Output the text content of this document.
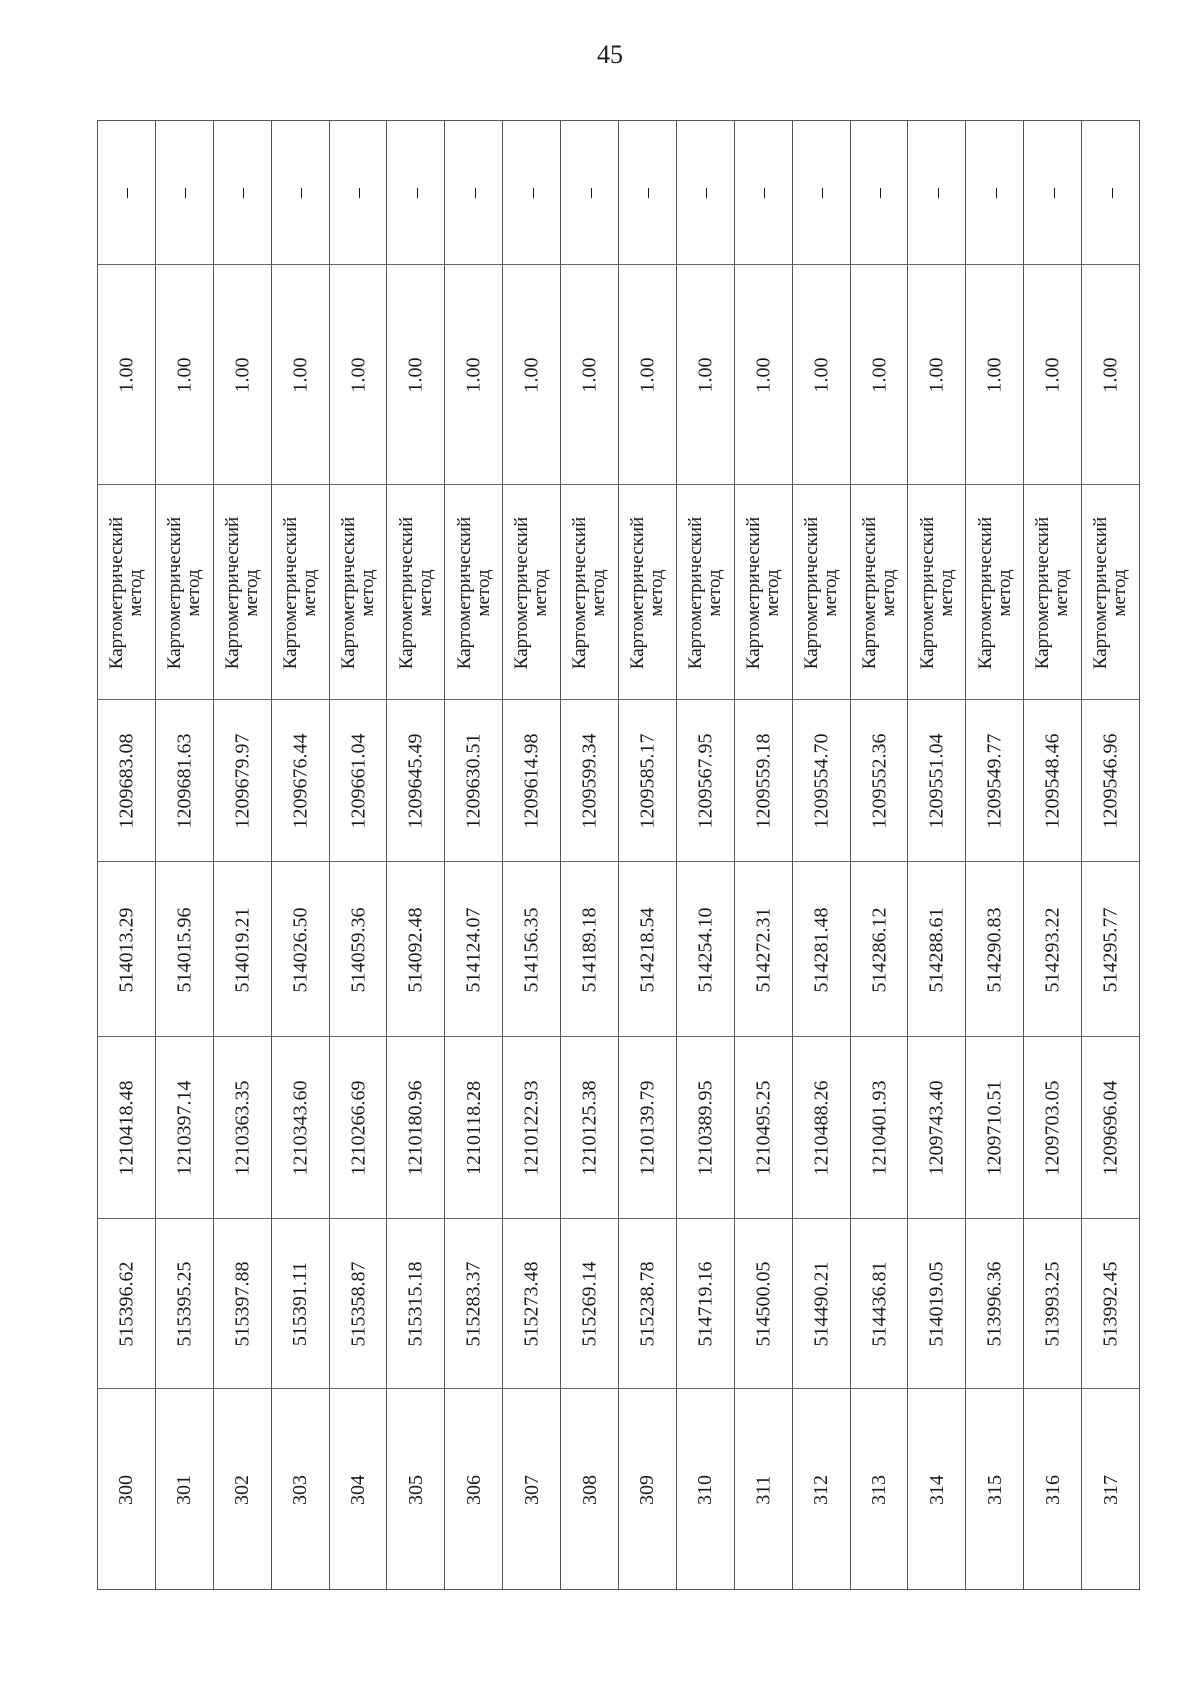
45
–
1.00
Картометрический
метод
1209683.08
514013.29
1210418.48
515396.62
300
–
1.00
Картометрический
метод
1209681.63
514015.96
1210397.14
515395.25
301
–
1.00
Картометрический
метод
1209679.97
514019.21
1210363.35
515397.88
302
–
1.00
Картометрический
метод
1209676.44
514026.50
1210343.60
515391.11
303
–
1.00
Картометрический
метод
1209661.04
514059.36
1210266.69
515358.87
304
–
1.00
Картометрический
метод
1209645.49
514092.48
1210180.96
515315.18
305
–
1.00
Картометрический
метод
1209630.51
514124.07
1210118.28
515283.37
306
–
1.00
Картометрический
метод
1209614.98
514156.35
1210122.93
515273.48
307
–
1.00
Картометрический
метод
1209599.34
514189.18
1210125.38
515269.14
308
–
1.00
Картометрический
метод
1209585.17
514218.54
1210139.79
515238.78
309
–
1.00
Картометрический
метод
1209567.95
514254.10
1210389.95
514719.16
310
–
1.00
Картометрический
метод
1209559.18
514272.31
1210495.25
514500.05
311
–
1.00
Картометрический
метод
1209554.70
514281.48
1210488.26
514490.21
312
–
1.00
Картометрический
метод
1209552.36
514286.12
1210401.93
514436.81
313
–
1.00
Картометрический
метод
1209551.04
514288.61
1209743.40
514019.05
314
–
1.00
Картометрический
метод
1209549.77
514290.83
1209710.51
513996.36
315
–
1.00
Картометрический
метод
1209548.46
514293.22
1209703.05
513993.25
316
–
1.00
Картометрический
метод
1209546.96
514295.77
1209696.04
513992.45
317
